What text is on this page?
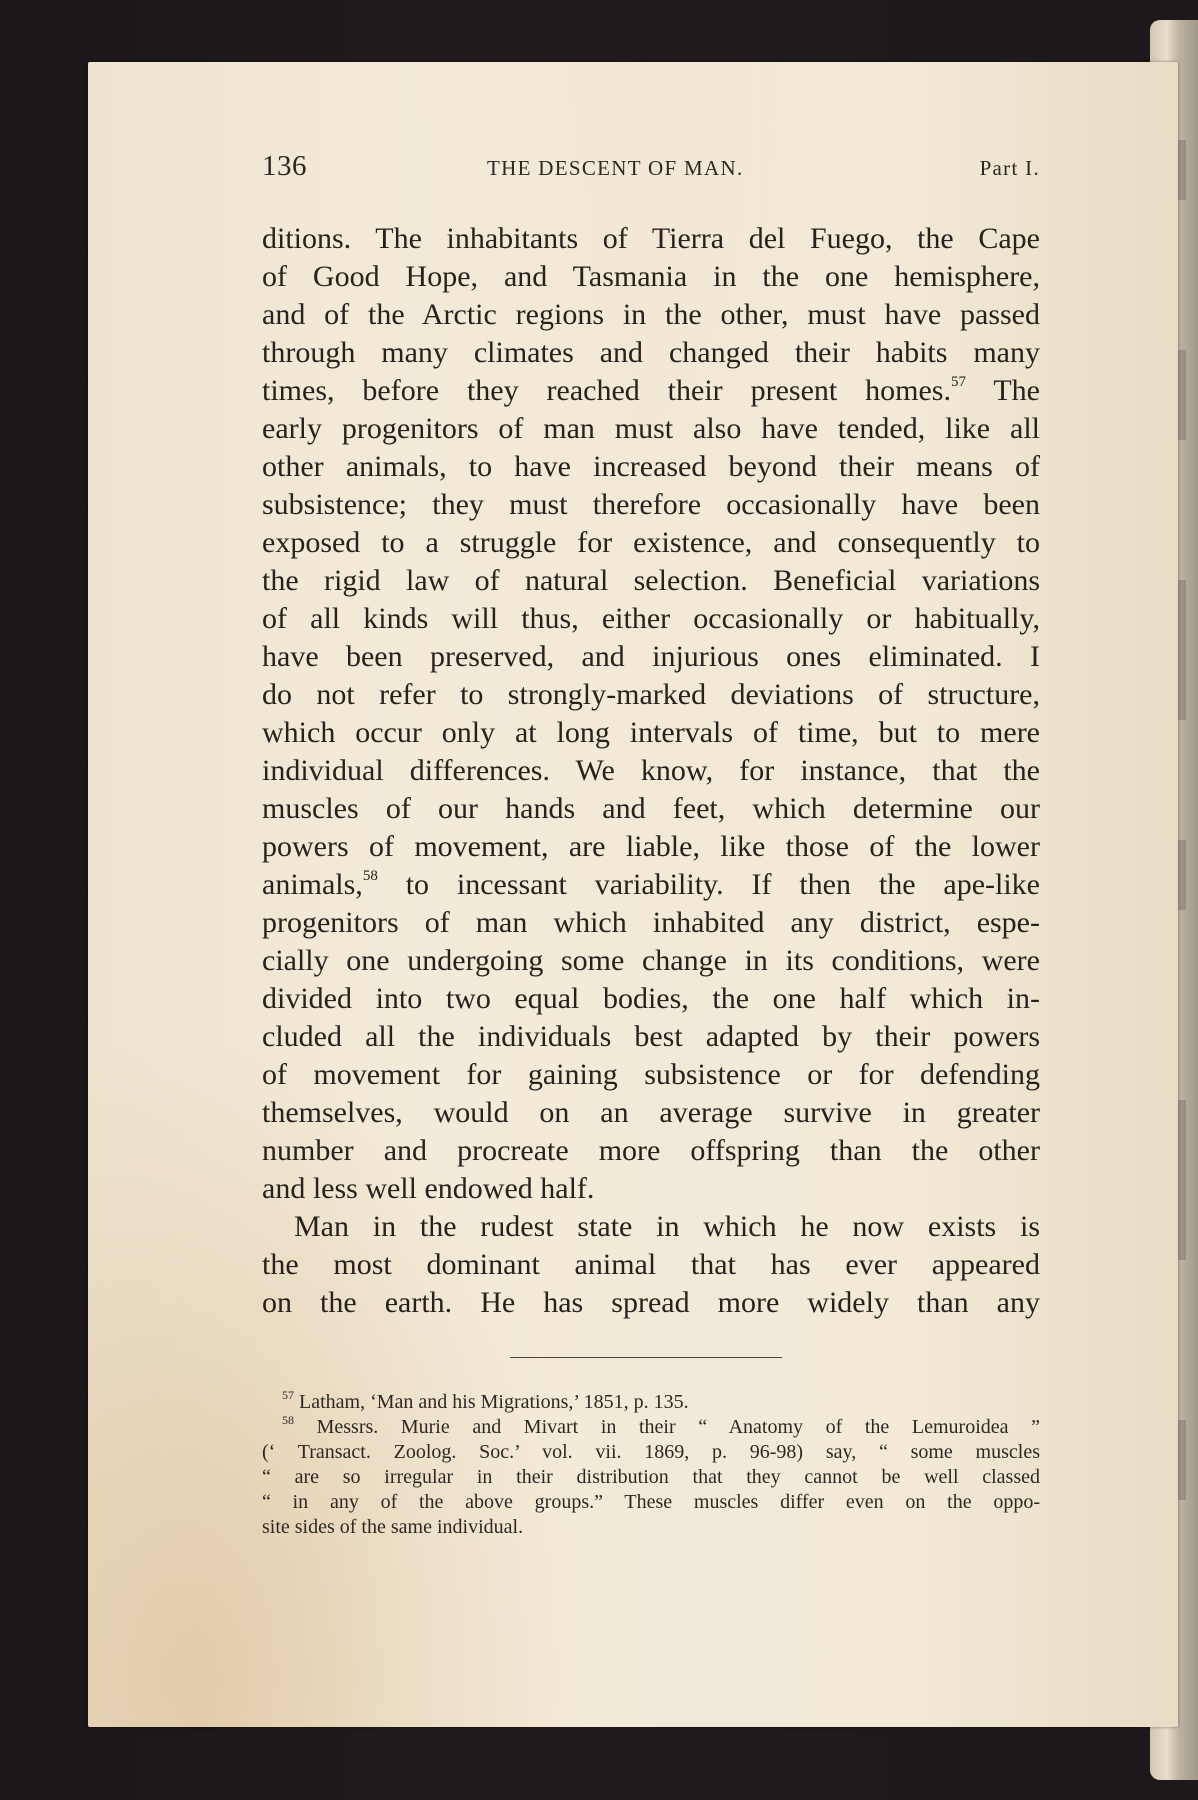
136	THE DESCENT OF MAN.	Part I.
ditions. The inhabitants of Tierra del Fuego, the Cape
of Good Hope, and Tasmania in the one hemisphere,
and of the Arctic regions in the other, must have passed
through many climates and changed their habits many
times, before they reached their present homes.$^{57}$ The
early progenitors of man must also have tended, like all
other animals, to have increased beyond their means of
subsistence; they must therefore occasionally have been
exposed to a struggle for existence, and consequently to
the rigid law of natural selection. Beneficial variations
of all kinds will thus, either occasionally or habitually,
have been preserved, and injurious ones eliminated. I
do not refer to strongly-marked deviations of structure,
which occur only at long intervals of time, but to mere
individual differences. We know, for instance, that the
muscles of our hands and feet, which determine our
powers of movement, are liable, like those of the lower
animals,$^{58}$ to incessant variability. If then the ape-like
progenitors of man which inhabited any district, espe-
cially one undergoing some change in its conditions, were
divided into two equal bodies, the one half which in-
cluded all the individuals best adapted by their powers
of movement for gaining subsistence or for defending
themselves, would on an average survive in greater
number and procreate more offspring than the other
and less well endowed half.
Man in the rudest state in which he now exists is
the most dominant animal that has ever appeared
on the earth. He has spread more widely than any
$^{57}$ Latham, ‘Man and his Migrations,’ 1851, p. 135.
$^{58}$ Messrs. Murie and Mivart in their “ Anatomy of the Lemuroidea ”
(‘ Transact. Zoolog. Soc.’ vol. vii. 1869, p. 96-98) say, “ some muscles
“ are so irregular in their distribution that they cannot be well classed
“ in any of the above groups.” These muscles differ even on the oppo-
site sides of the same individual.
